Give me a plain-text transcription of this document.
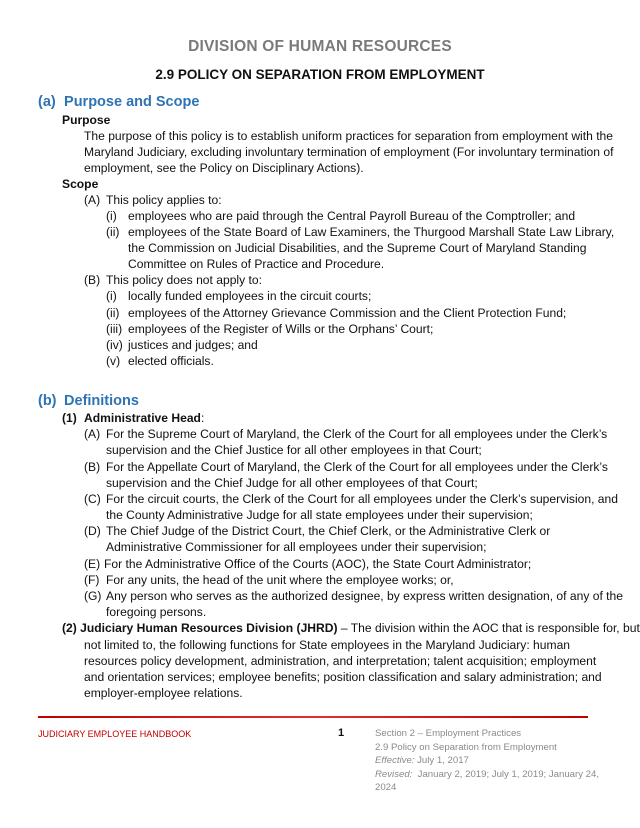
DIVISION OF HUMAN RESOURCES
2.9 POLICY ON SEPARATION FROM EMPLOYMENT
(a) Purpose and Scope
Purpose
The purpose of this policy is to establish uniform practices for separation from employment with the
Maryland Judiciary, excluding involuntary termination of employment (For involuntary termination of
employment, see the Policy on Disciplinary Actions).
Scope
(A) This policy applies to:
(i) employees who are paid through the Central Payroll Bureau of the Comptroller; and
(ii) employees of the State Board of Law Examiners, the Thurgood Marshall State Law Library,
the Commission on Judicial Disabilities, and the Supreme Court of Maryland Standing
Committee on Rules of Practice and Procedure.
(B) This policy does not apply to:
(i) locally funded employees in the circuit courts;
(ii) employees of the Attorney Grievance Commission and the Client Protection Fund;
(iii) employees of the Register of Wills or the Orphans’ Court;
(iv) justices and judges; and
(v) elected officials.
(b) Definitions
(1) Administrative Head:
(A) For the Supreme Court of Maryland, the Clerk of the Court for all employees under the Clerk’s
supervision and the Chief Justice for all other employees in that Court;
(B) For the Appellate Court of Maryland, the Clerk of the Court for all employees under the Clerk’s
supervision and the Chief Judge for all other employees of that Court;
(C) For the circuit courts, the Clerk of the Court for all employees under the Clerk’s supervision, and
the County Administrative Judge for all state employees under their supervision;
(D) The Chief Judge of the District Court, the Chief Clerk, or the Administrative Clerk or
Administrative Commissioner for all employees under their supervision;
(E) For the Administrative Office of the Courts (AOC), the State Court Administrator;
(F) For any units, the head of the unit where the employee works; or,
(G) Any person who serves as the authorized designee, by express written designation, of any of the
foregoing persons.
(2) Judiciary Human Resources Division (JHRD) – The division within the AOC that is responsible for, but
not limited to, the following functions for State employees in the Maryland Judiciary: human
resources policy development, administration, and interpretation; talent acquisition; employment
and orientation services; employee benefits; position classification and salary administration; and
employer-employee relations.
JUDICIARY EMPLOYEE HANDBOOK	1	Section 2 – Employment Practices
2.9 Policy on Separation from Employment
Effective: July 1, 2017
Revised:  January 2, 2019; July 1, 2019; January 24,
2024
